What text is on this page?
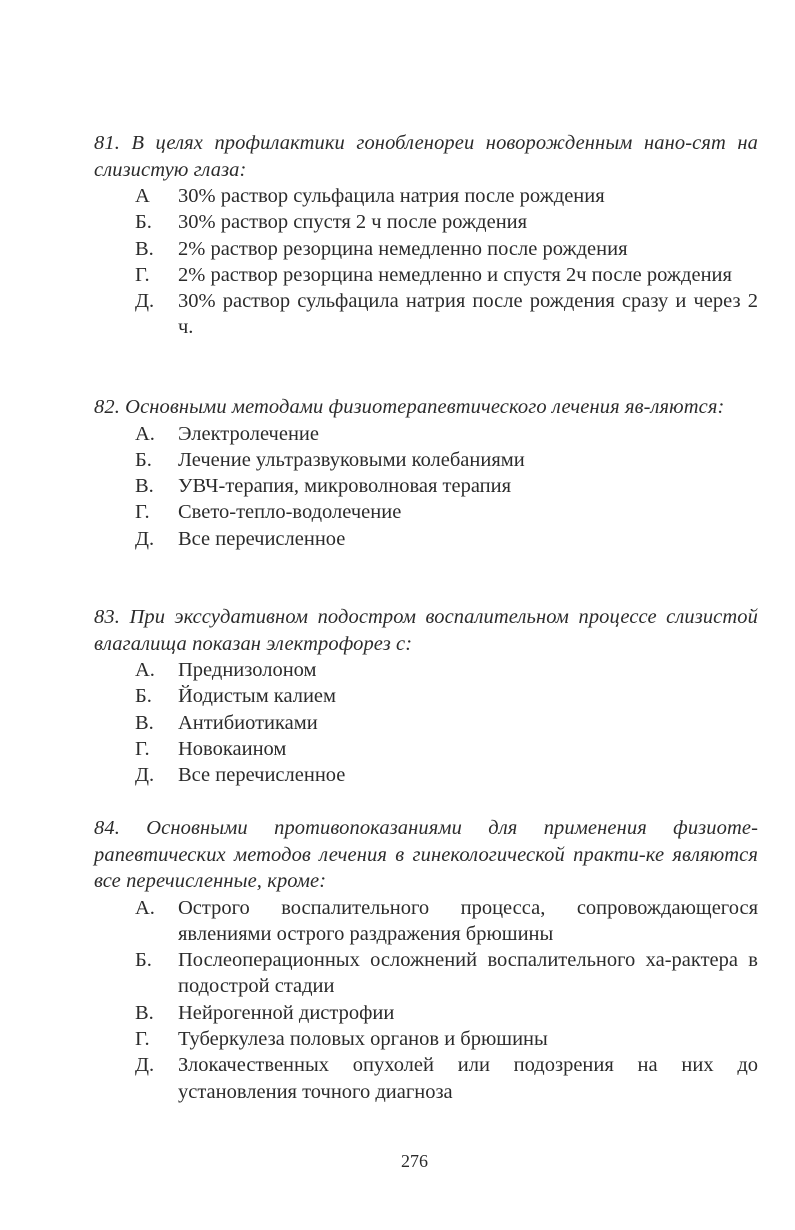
81. В целях профилактики гонобленореи новорожденным нано-сят на слизистую глаза:
А	30% раствор сульфацила натрия после рождения
Б.	30% раствор спустя 2 ч после рождения
В.	2% раствор резорцина немедленно после рождения
Г.	2% раствор резорцина немедленно и спустя 2ч после рождения
Д.	30% раствор сульфацила натрия после рождения сразу и через 2 ч.
82. Основными методами физиотерапевтического лечения яв-ляются:
А.	Электролечение
Б.	Лечение ультразвуковыми колебаниями
В.	УВЧ-терапия, микроволновая терапия
Г.	Свето-тепло-водолечение
Д.	Все перечисленное
83. При экссудативном подостром воспалительном процессе слизистой влагалища показан электрофорез с:
А.	Преднизолоном
Б.	Йодистым калием
В.	Антибиотиками
Г.	Новокаином
Д.	Все перечисленное
84. Основными противопоказаниями для применения физиоте-рапевтических методов лечения в гинекологической практи-ке являются все перечисленные, кроме:
А.	Острого воспалительного процесса, сопровождающегося явлениями острого раздражения брюшины
Б.	Послеоперационных осложнений воспалительного ха-рактера в подострой стадии
В.	Нейрогенной дистрофии
Г.	Туберкулеза половых органов и брюшины
Д.	Злокачественных опухолей или подозрения на них до установления точного диагноза
276
